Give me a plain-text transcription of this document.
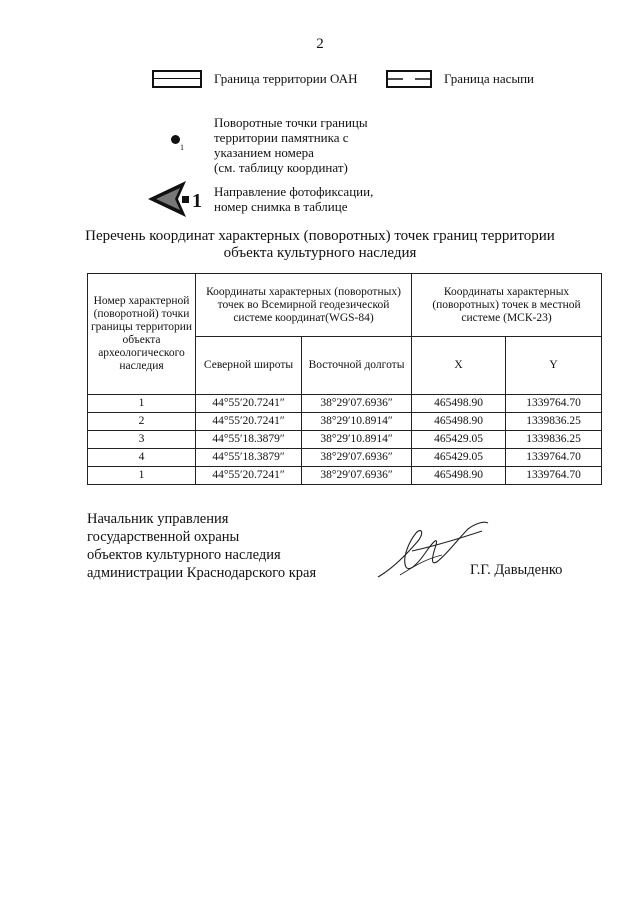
2
Граница территории ОАН	Граница насыпи
1
Поворотные точки границы
территории памятника с
указанием номера
(см. таблицу координат)
1 Направление фотофиксации,
номер снимка в таблице
Перечень координат характерных (поворотных) точек границ территории
объекта культурного наследия
Номер характерной (поворотной) точки границы территории объекта археологического наследия	Координаты характерных (поворотных) точек во Всемирной геодезической системе координат(WGS-84)		Координаты характерных (поворотных) точек в местной системе (МСК-23)	
	Северной широты	Восточной долготы	X	Y
1	44°55′20.7241″	38°29′07.6936″	465498.90	1339764.70
2	44°55′20.7241″	38°29′10.8914″	465498.90	1339836.25
3	44°55′18.3879″	38°29′10.8914″	465429.05	1339836.25
4	44°55′18.3879″	38°29′07.6936″	465429.05	1339764.70
1	44°55′20.7241″	38°29′07.6936″	465498.90	1339764.70
Начальник управления
государственной охраны
объектов культурного наследия
администрации Краснодарского края	Г.Г. Давыденко
